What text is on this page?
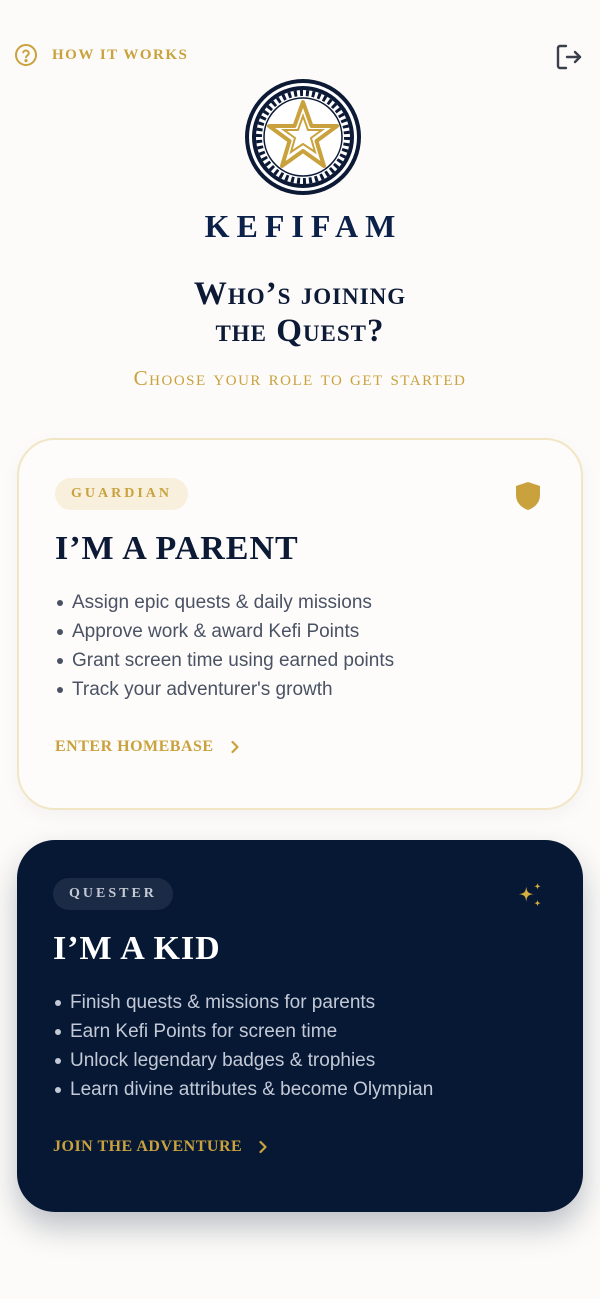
HOW IT WORKS
KEFIFAM
Who’s joining
the Quest?
Choose your role to get started
GUARDIAN
I’M A PARENT
Assign epic quests & daily missions
Approve work & award Kefi Points
Grant screen time using earned points
Track your adventurer's growth
ENTER HOMEBASE
QUESTER
I’M A KID
Finish quests & missions for parents
Earn Kefi Points for screen time
Unlock legendary badges & trophies
Learn divine attributes & become Olympian
JOIN THE ADVENTURE
